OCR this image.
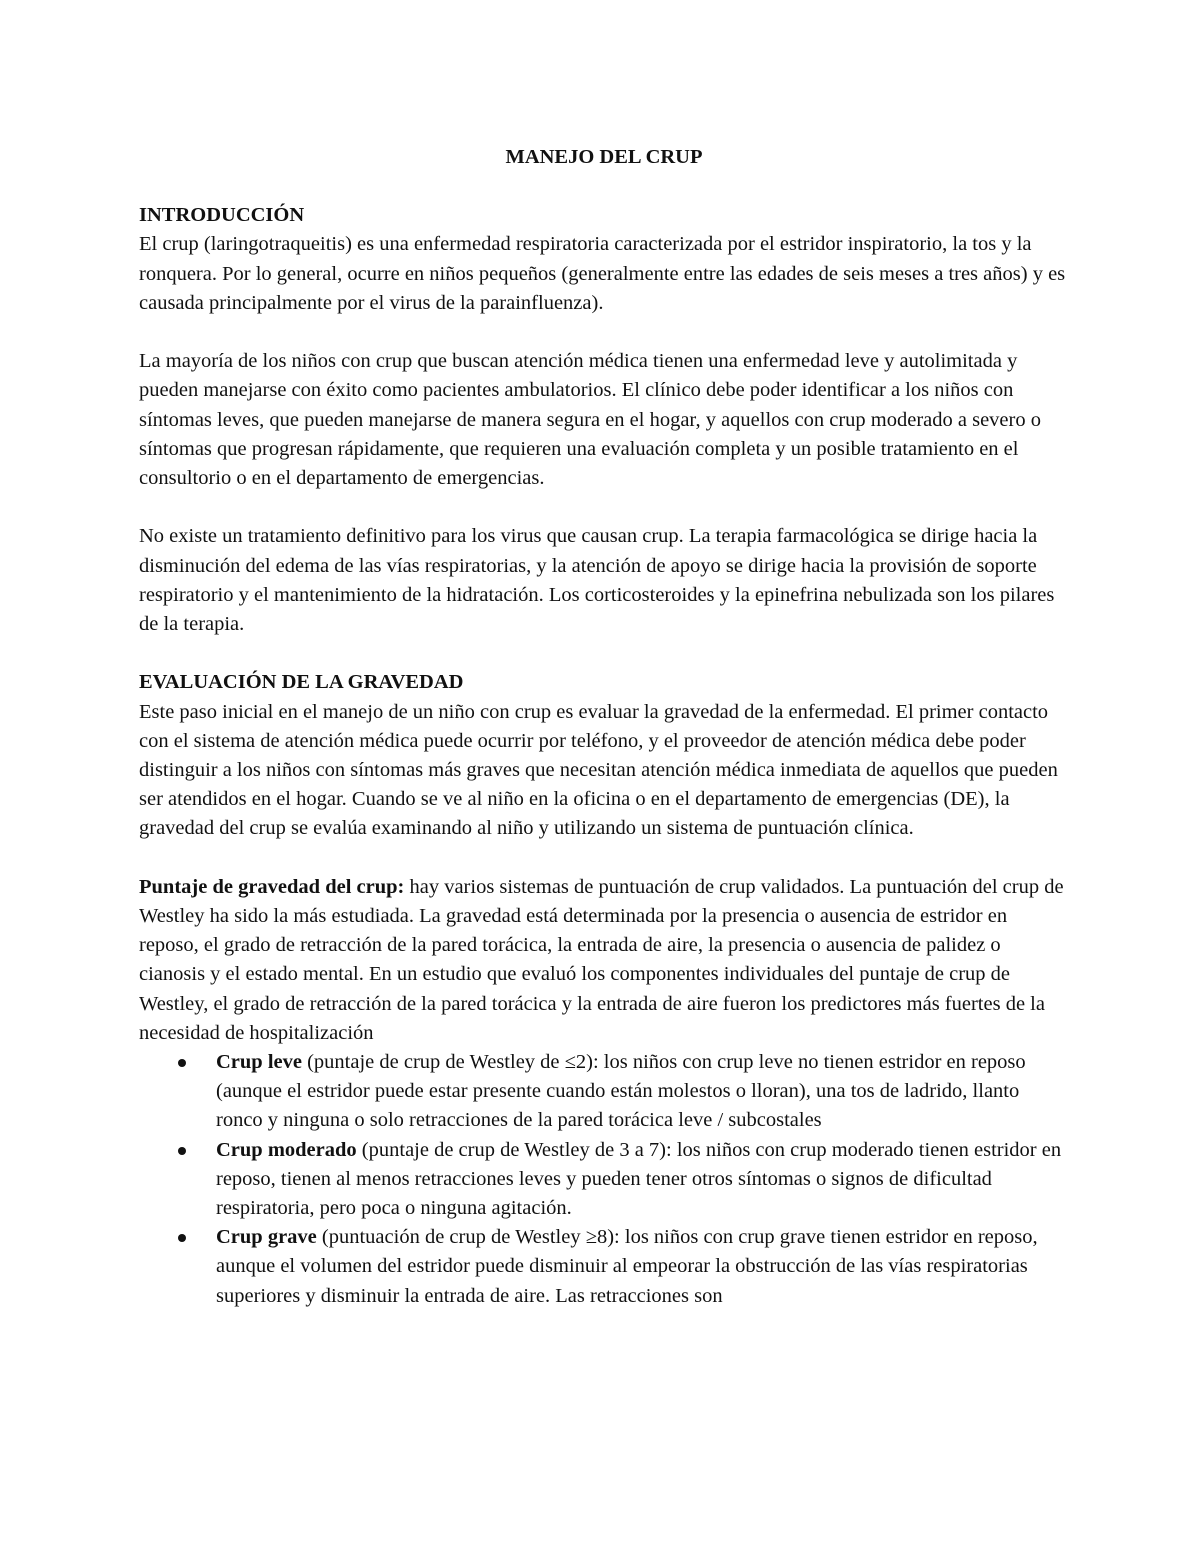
MANEJO DEL CRUP
INTRODUCCIÓN

El crup (laringotraqueitis) es una enfermedad respiratoria caracterizada por el estridor inspiratorio, la tos y la ronquera. Por lo general, ocurre en niños pequeños (generalmente entre las edades de seis meses a tres años) y es causada principalmente por el virus de la parainfluenza).

La mayoría de los niños con crup que buscan atención médica tienen una enfermedad leve y autolimitada y pueden manejarse con éxito como pacientes ambulatorios. El clínico debe poder identificar a los niños con síntomas leves, que pueden manejarse de manera segura en el hogar, y aquellos con crup moderado a severo o síntomas que progresan rápidamente, que requieren una evaluación completa y un posible tratamiento en el consultorio o en el departamento de emergencias.

No existe un tratamiento definitivo para los virus que causan crup. La terapia farmacológica se dirige hacia la disminución del edema de las vías respiratorias, y la atención de apoyo se dirige hacia la provisión de soporte respiratorio y el mantenimiento de la hidratación. Los corticosteroides y la epinefrina nebulizada son los pilares de la terapia.

EVALUACIÓN DE LA GRAVEDAD

Este paso inicial en el manejo de un niño con crup es evaluar la gravedad de la enfermedad. El primer contacto con el sistema de atención médica puede ocurrir por teléfono, y el proveedor de atención médica debe poder distinguir a los niños con síntomas más graves que necesitan atención médica inmediata de aquellos que pueden ser atendidos en el hogar. Cuando se ve al niño en la oficina o en el departamento de emergencias (DE), la gravedad del crup se evalúa examinando al niño y utilizando un sistema de puntuación clínica.

Puntaje de gravedad del crup: hay varios sistemas de puntuación de crup validados. La puntuación del crup de Westley ha sido la más estudiada. La gravedad está determinada por la presencia o ausencia de estridor en reposo, el grado de retracción de la pared torácica, la entrada de aire, la presencia o ausencia de palidez o cianosis y el estado mental. En un estudio que evaluó los componentes individuales del puntaje de crup de Westley, el grado de retracción de la pared torácica y la entrada de aire fueron los predictores más fuertes de la necesidad de hospitalización

Crup leve (puntaje de crup de Westley de ≤2): los niños con crup leve no tienen estridor en reposo (aunque el estridor puede estar presente cuando están molestos o lloran), una tos de ladrido, llanto ronco y ninguna o solo retracciones de la pared torácica leve / subcostales
Crup moderado (puntaje de crup de Westley de 3 a 7): los niños con crup moderado tienen estridor en reposo, tienen al menos retracciones leves y pueden tener otros síntomas o signos de dificultad respiratoria, pero poca o ninguna agitación.
Crup grave (puntuación de crup de Westley ≥8): los niños con crup grave tienen estridor en reposo, aunque el volumen del estridor puede disminuir al empeorar la obstrucción de las vías respiratorias superiores y disminuir la entrada de aire. Las retracciones son
